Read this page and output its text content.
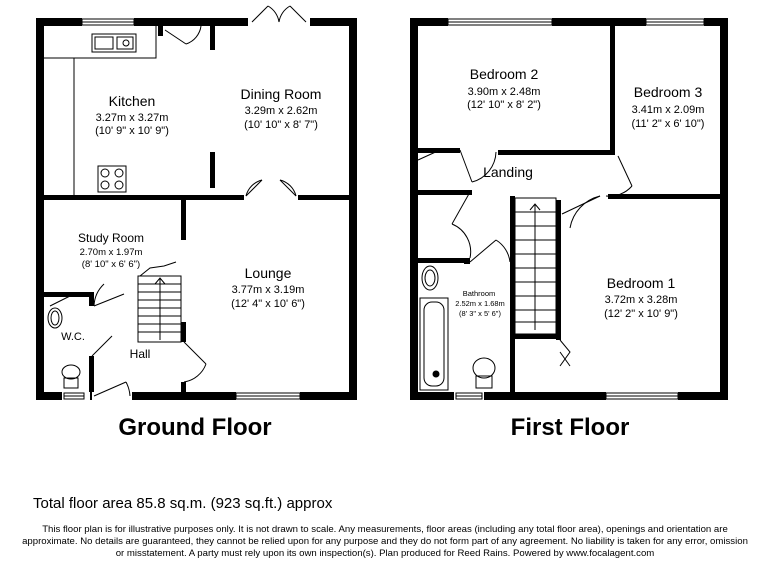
Kitchen
3.27m x 3.27m
(10' 9" x 10' 9")
Dining Room
3.29m x 2.62m
(10' 10" x 8' 7")
Study Room
2.70m x 1.97m
(8' 10" x 6' 6")
Lounge
3.77m x 3.19m
(12' 4" x 10' 6")
W.C.
Hall
Bedroom 2
3.90m x 2.48m
(12' 10" x 8' 2")
Bedroom 3
3.41m x 2.09m
(11' 2" x 6' 10")
Landing
Bathroom
2.52m x 1.68m
(8' 3" x 5' 6")
Bedroom 1
3.72m x 3.28m
(12' 2" x 10' 9")
Ground Floor	First Floor
Total floor area 85.8 sq.m. (923 sq.ft.) approx
This floor plan is for illustrative purposes only. It is not drawn to scale. Any measurements, floor areas (including any total floor area), openings and orientation are approximate. No details are guaranteed, they cannot be relied upon for any purpose and they do not form part of any agreement. No liability is taken for any error, omission or misstatement. A party must rely upon its own inspection(s). Plan produced for Reed Rains. Powered by www.focalagent.com
